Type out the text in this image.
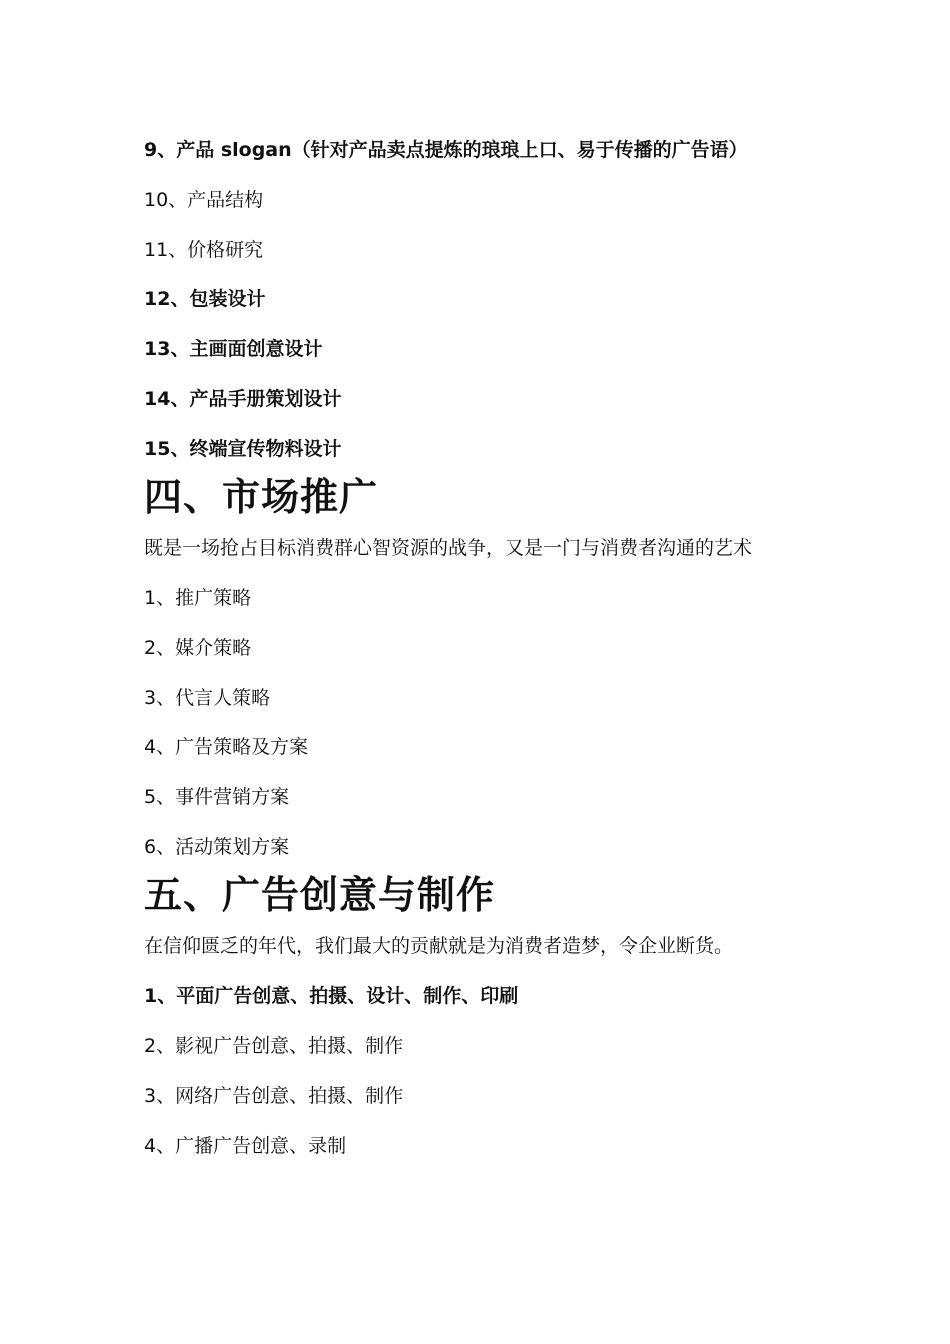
9、产品 slogan（针对产品卖点提炼的琅琅上口、易于传播的广告语）

10、产品结构

11、价格研究

12、包装设计

13、主画面创意设计

14、产品手册策划设计

15、终端宣传物料设计

四、市场推广

既是一场抢占目标消费群心智资源的战争，又是一门与消费者沟通的艺术

1、推广策略

2、媒介策略

3、代言人策略

4、广告策略及方案

5、事件营销方案

6、活动策划方案

五、广告创意与制作

在信仰匮乏的年代，我们最大的贡献就是为消费者造梦，令企业断货。

1、平面广告创意、拍摄、设计、制作、印刷

2、影视广告创意、拍摄、制作

3、网络广告创意、拍摄、制作

4、广播广告创意、录制
